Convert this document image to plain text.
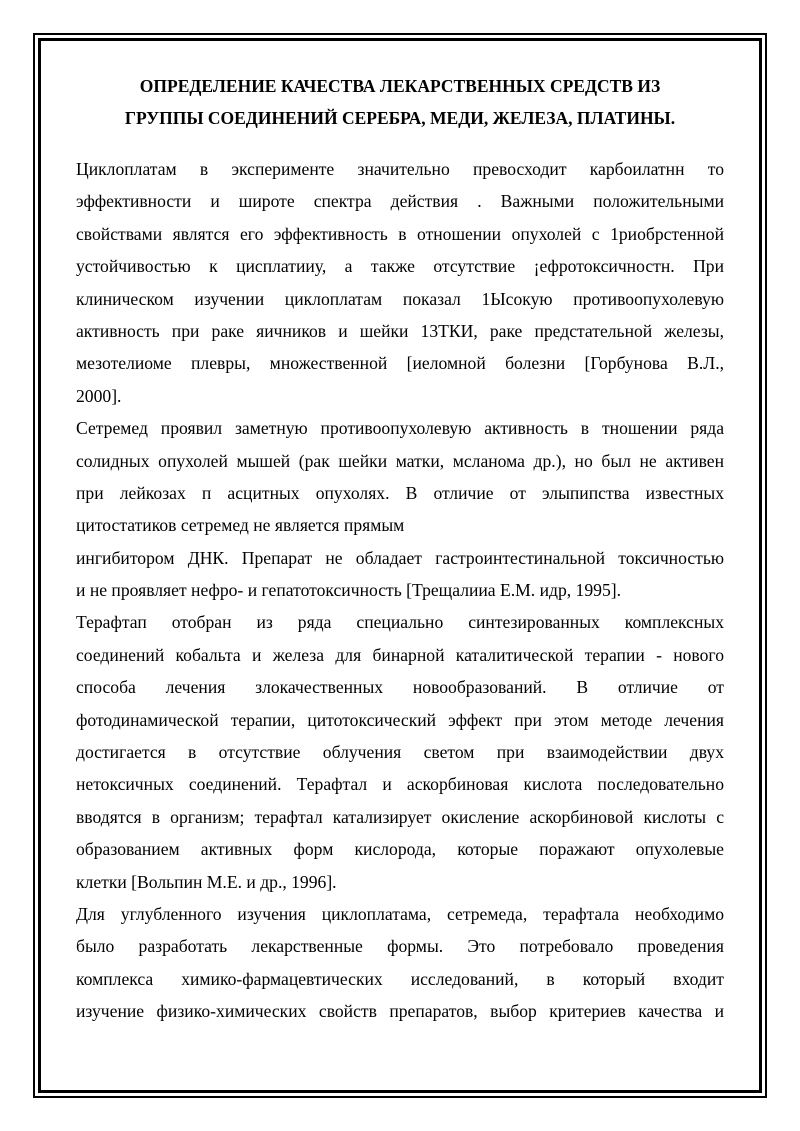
ОПРЕДЕЛЕНИЕ КАЧЕСТВА ЛЕКАРСТВЕННЫХ СРЕДСТВ ИЗ
ГРУППЫ СОЕДИНЕНИЙ СЕРЕБРА, МЕДИ, ЖЕЛЕЗА, ПЛАТИНЫ.
Циклоплатам в эксперименте значительно превосходит карбоилатнн то
эффективности и широте спектра действия . Важными положительными
свойствами являтся его эффективность в отношении опухолей с 1риобрстенной
устойчивостью к цисплатииу, а также отсутствие ¡ефротоксичностн. При
клиническом изучении циклоплатам показал 1Ысокую противоопухолевую
активность при раке яичников и шейки 13ТКИ, раке предстательной железы,
мезотелиоме плевры, множественной [иеломной болезни [Горбунова В.Л.,
2000].
Сетремед проявил заметную противоопухолевую активность в тношении ряда
солидных опухолей мышей (рак шейки матки, мсланома др.), но был не активен
при лейкозах п асцитных опухолях. В отличие от элыпипства известных
цитостатиков сетремед не является прямым
ингибитором ДНК. Препарат не обладает гастроинтестинальной токсичностью
и не проявляет нефро- и гепатотоксичность [Трещалииа Е.М. идр, 1995].
Терафтап отобран из ряда специально синтезированных комплексных
соединений кобальта и железа для бинарной каталитической терапии - нового
способа лечения злокачественных новообразований. В отличие от
фотодинамической терапии, цитотоксический эффект при этом методе лечения
достигается в отсутствие облучения светом при взаимодействии двух
нетоксичных соединений. Терафтал и аскорбиновая кислота последовательно
вводятся в организм; терафтал катализирует окисление аскорбиновой кислоты с
образованием активных форм кислорода, которые поражают опухолевые
клетки [Вольпин М.Е. и др., 1996].
Для углубленного изучения циклоплатама, сетремеда, терафтала необходимо
было разработать лекарственные формы. Это потребовало проведения
комплекса химико-фармацевтических исследований, в который входит
изучение физико-химических свойств препаратов, выбор критериев качества и
